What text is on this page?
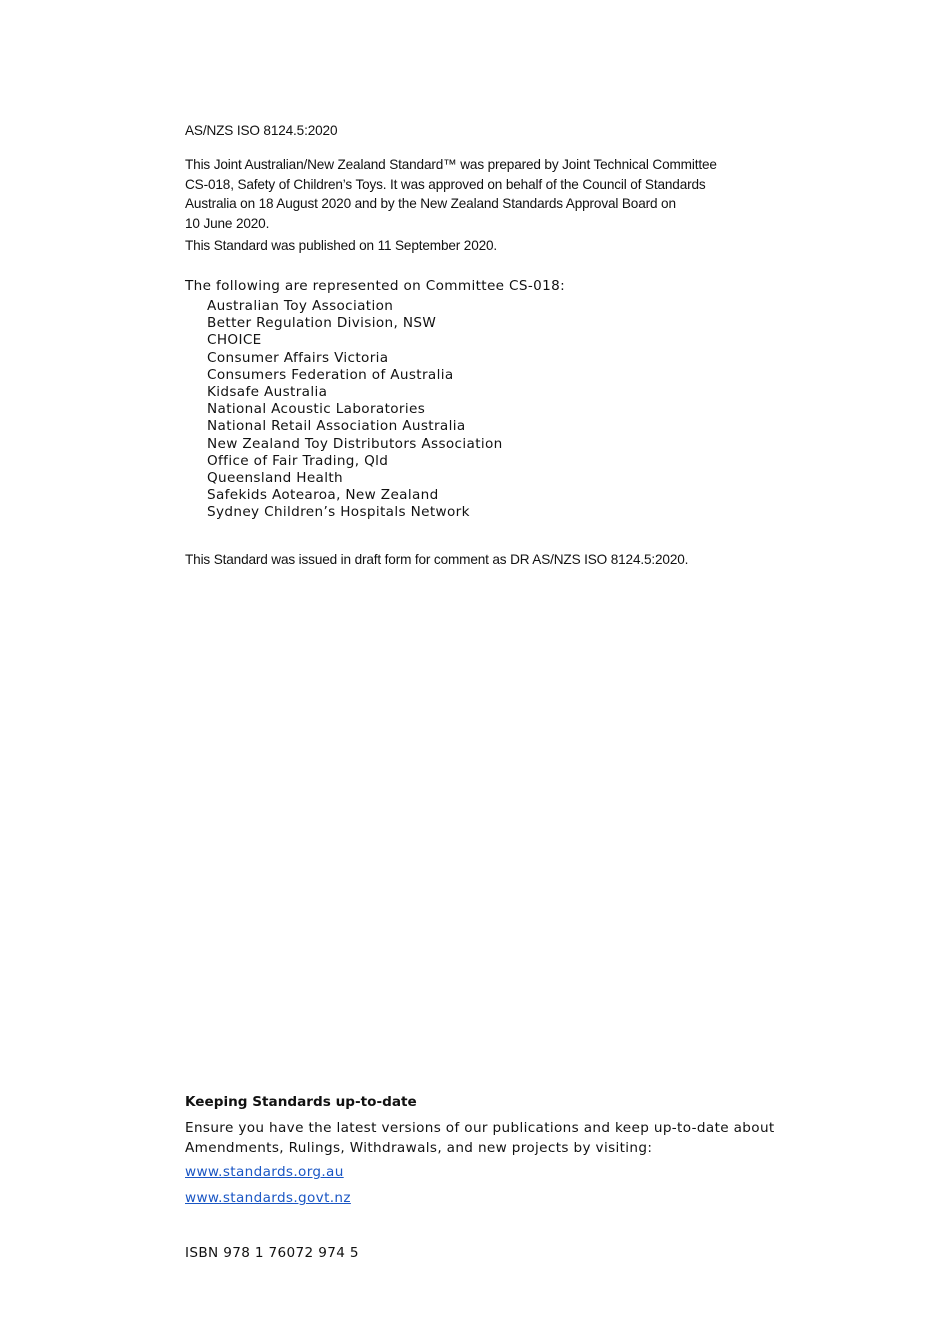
AS/NZS ISO 8124.5:2020

This Joint Australian/New Zealand Standard™ was prepared by Joint Technical Committee
CS-018, Safety of Children’s Toys. It was approved on behalf of the Council of Standards
Australia on 18 August 2020 and by the New Zealand Standards Approval Board on
10 June 2020.

This Standard was published on 11 September 2020.

The following are represented on Committee CS-018:

Australian Toy Association
Better Regulation Division, NSW
CHOICE
Consumer Affairs Victoria
Consumers Federation of Australia
Kidsafe Australia
National Acoustic Laboratories
National Retail Association Australia
New Zealand Toy Distributors Association
Office of Fair Trading, Qld
Queensland Health
Safekids Aotearoa, New Zealand
Sydney Children’s Hospitals Network

This Standard was issued in draft form for comment as DR AS/NZS ISO 8124.5:2020.

Keeping Standards up-to-date

Ensure you have the latest versions of our publications and keep up-to-date about
Amendments, Rulings, Withdrawals, and new projects by visiting:

www.standards.org.au
www.standards.govt.nz

ISBN 978 1 76072 974 5
